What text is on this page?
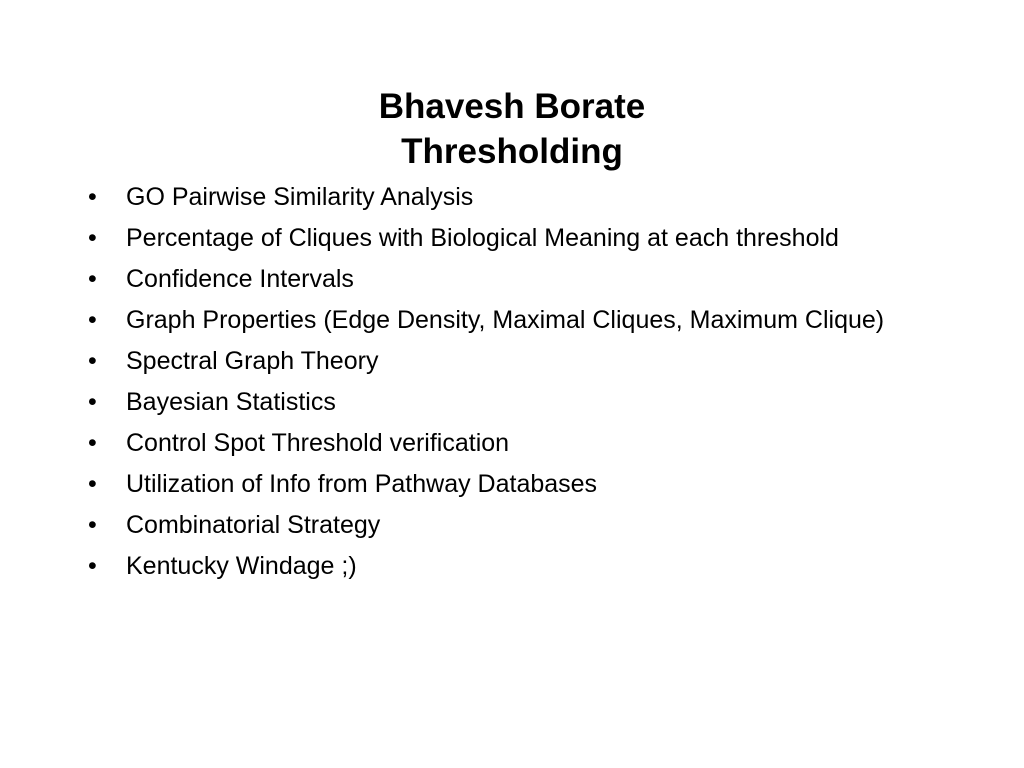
Bhavesh Borate
Thresholding
•	GO Pairwise Similarity Analysis
•	Percentage of Cliques with Biological Meaning at each threshold
•	Confidence Intervals
•	Graph Properties (Edge Density, Maximal Cliques, Maximum Clique)
•	Spectral Graph Theory
•	Bayesian Statistics
•	Control Spot Threshold verification
•	Utilization of Info from Pathway Databases
•	Combinatorial Strategy
•	Kentucky Windage ;)
